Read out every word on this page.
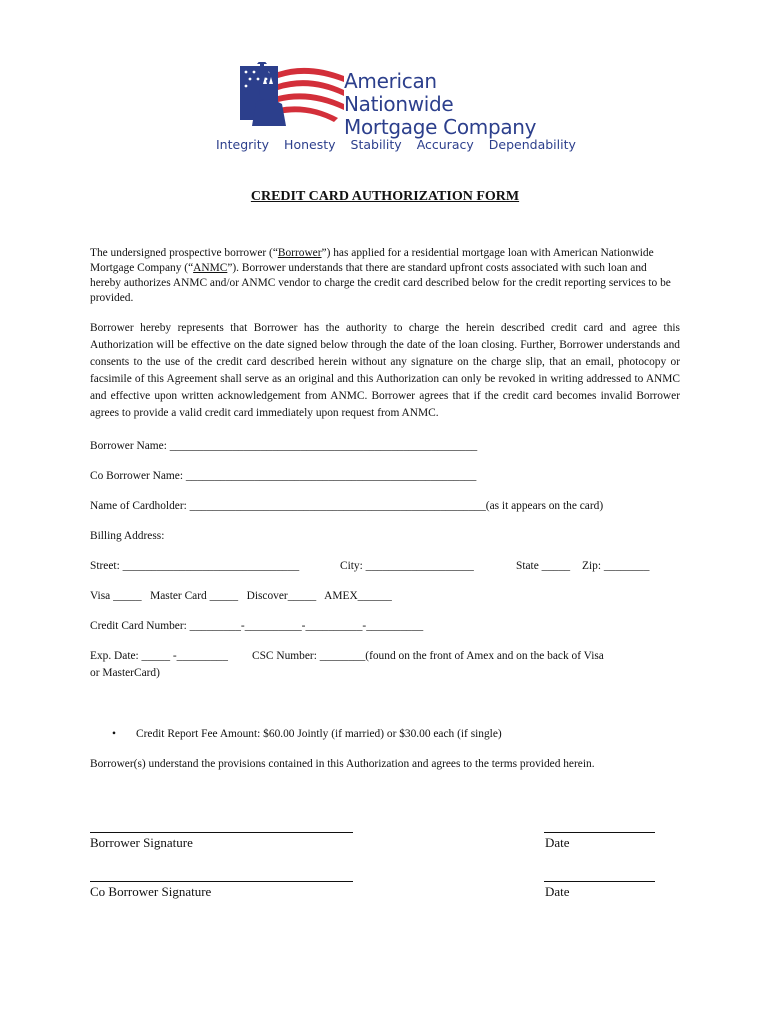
American Nationwide
Mortgage Company
Integrity Honesty Stability Accuracy Dependability
CREDIT CARD AUTHORIZATION FORM
The undersigned prospective borrower (“Borrower”) has applied for a residential mortgage loan with American Nationwide Mortgage Company (“ANMC”). Borrower understands that there are standard upfront costs associated with such loan and hereby authorizes ANMC and/or ANMC vendor to charge the credit card described below for the credit reporting services to be provided.
Borrower hereby represents that Borrower has the authority to charge the herein described credit card and agree this Authorization will be effective on the date signed below through the date of the loan closing. Further, Borrower understands and consents to the use of the credit card described herein without any signature on the charge slip, that an email, photocopy or facsimile of this Agreement shall serve as an original and this Authorization can only be revoked in writing addressed to ANMC and effective upon written acknowledgement from ANMC. Borrower agrees that if the credit card becomes invalid Borrower agrees to provide a valid credit card immediately upon request from ANMC.
Borrower Name: ______________________________________________________
Co Borrower Name: ___________________________________________________
Name of Cardholder: ____________________________________________________(as it appears on the card)
Billing Address:
Street: _______________________________	City: ___________________	State _____ Zip: ________
Visa _____ Master Card _____ Discover_____ AMEX______
Credit Card Number: _________-__________-__________-__________
Exp. Date: _____ -_________ CSC Number: ________(found on the front of Amex and on the back of Visa
or MasterCard)
• Credit Report Fee Amount: $60.00 Jointly (if married) or $30.00 each (if single)
Borrower(s) understand the provisions contained in this Authorization and agrees to the terms provided herein.
Borrower Signature	Date
Co Borrower Signature	Date
